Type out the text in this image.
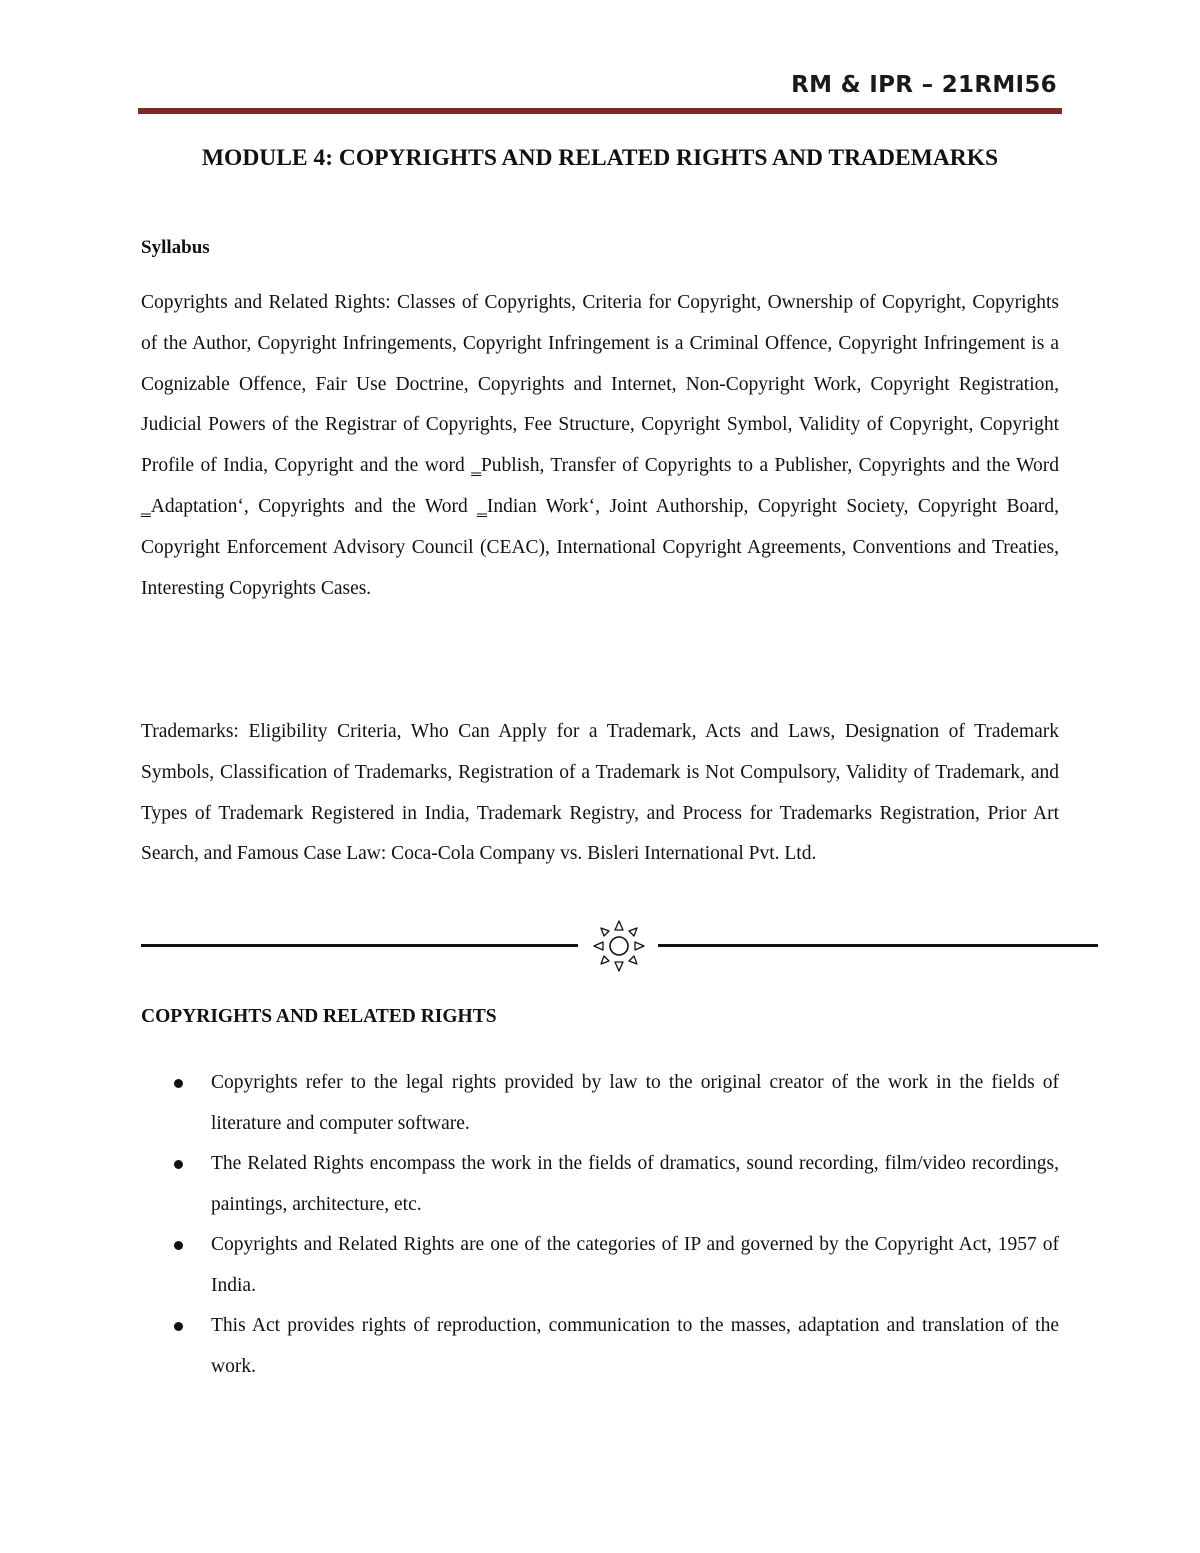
RM & IPR – 21RMI56
MODULE 4: COPYRIGHTS AND RELATED RIGHTS AND TRADEMARKS
Syllabus

Copyrights and Related Rights: Classes of Copyrights, Criteria for Copyright, Ownership of Copyright, Copyrights of the Author, Copyright Infringements, Copyright Infringement is a Criminal Offence, Copyright Infringement is a Cognizable Offence, Fair Use Doctrine, Copyrights and Internet, Non-Copyright Work, Copyright Registration, Judicial Powers of the Registrar of Copyrights, Fee Structure, Copyright Symbol, Validity of Copyright, Copyright Profile of India, Copyright and the word ‗Publish, Transfer of Copyrights to a Publisher, Copyrights and the Word ‗Adaptation‘, Copyrights and the Word ‗Indian Work‘, Joint Authorship, Copyright Society, Copyright Board, Copyright Enforcement Advisory Council (CEAC), International Copyright Agreements, Conventions and Treaties, Interesting Copyrights Cases.

Trademarks: Eligibility Criteria, Who Can Apply for a Trademark, Acts and Laws, Designation of Trademark Symbols, Classification of Trademarks, Registration of a Trademark is Not Compulsory, Validity of Trademark, and Types of Trademark Registered in India, Trademark Registry, and Process for Trademarks Registration, Prior Art Search, and Famous Case Law: Coca-Cola Company vs. Bisleri International Pvt. Ltd.

COPYRIGHTS AND RELATED RIGHTS
Copyrights refer to the legal rights provided by law to the original creator of the work in the fields of literature and computer software.
The Related Rights encompass the work in the fields of dramatics, sound recording, film/video recordings, paintings, architecture, etc.
Copyrights and Related Rights are one of the categories of IP and governed by the Copyright Act, 1957 of India.
This Act provides rights of reproduction, communication to the masses, adaptation and translation of the work.
